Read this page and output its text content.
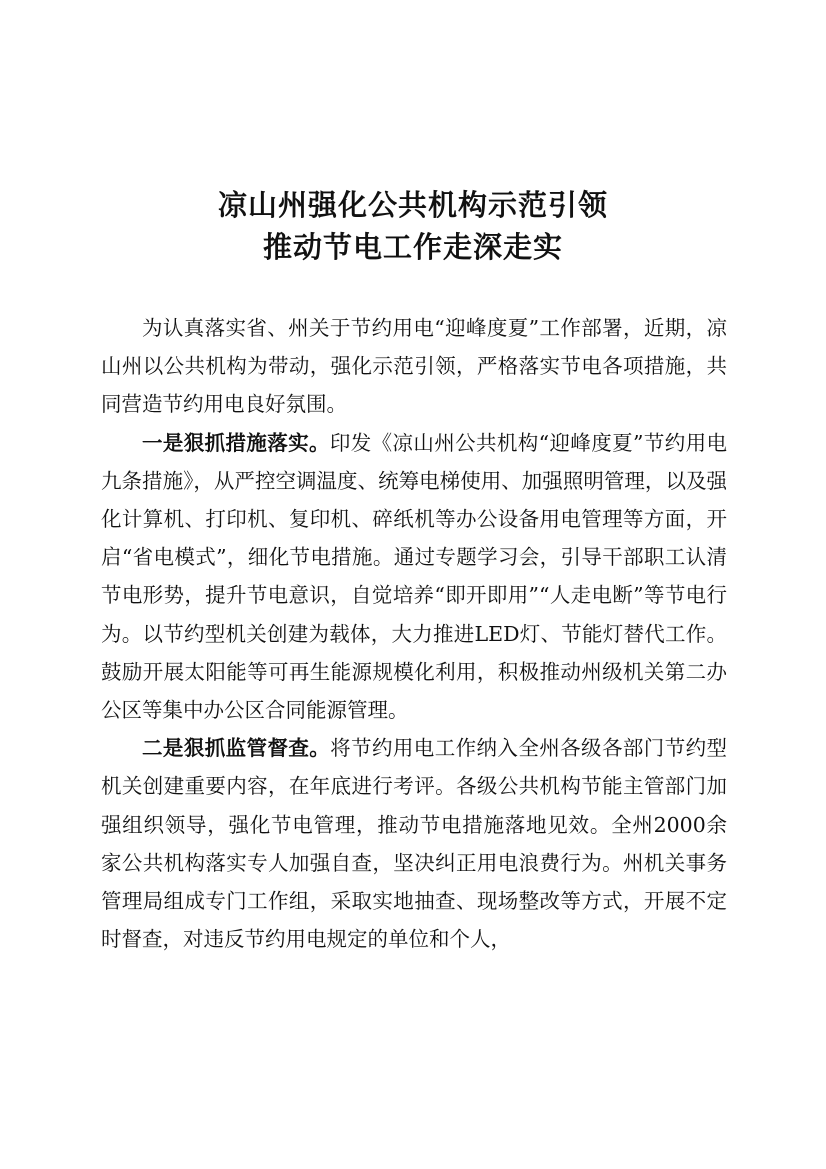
凉山州强化公共机构示范引领
推动节电工作走深走实

为认真落实省、州关于节约用电“迎峰度夏”工作部署，近期，凉山州以公共机构为带动，强化示范引领，严格落实节电各项措施，共同营造节约用电良好氛围。

一是狠抓措施落实。印发《凉山州公共机构“迎峰度夏”节约用电九条措施》，从严控空调温度、统筹电梯使用、加强照明管理，以及强化计算机、打印机、复印机、碎纸机等办公设备用电管理等方面，开启“省电模式”，细化节电措施。通过专题学习会，引导干部职工认清节电形势，提升节电意识，自觉培养“即开即用”“人走电断”等节电行为。以节约型机关创建为载体，大力推进LED灯、节能灯替代工作。鼓励开展太阳能等可再生能源规模化利用，积极推动州级机关第二办公区等集中办公区合同能源管理。

二是狠抓监管督查。将节约用电工作纳入全州各级各部门节约型机关创建重要内容，在年底进行考评。各级公共机构节能主管部门加强组织领导，强化节电管理，推动节电措施落地见效。全州2000余家公共机构落实专人加强自查，坚决纠正用电浪费行为。州机关事务管理局组成专门工作组，采取实地抽查、现场整改等方式，开展不定时督查，对违反节约用电规定的单位和个人，
